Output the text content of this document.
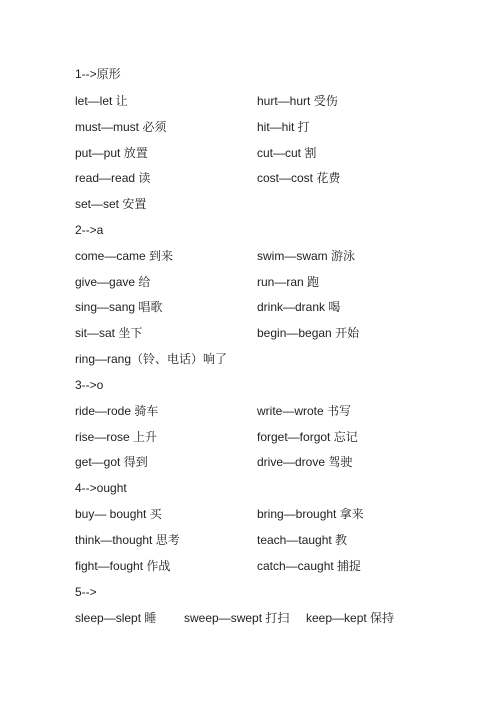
1-->原形
let—let 让	hurt—hurt 受伤
must—must 必须	hit—hit 打
put—put 放置	cut—cut 割
read—read 读	cost—cost 花费
set—set 安置
2-->a
come—came 到来	swim—swam 游泳
give—gave 给	run—ran 跑
sing—sang 唱歌	drink—drank 喝
sit—sat 坐下	begin—began 开始
ring—rang（铃、电话）响了
3-->o
ride—rode 骑车	write—wrote 书写
rise—rose 上升	forget—forgot 忘记
get—got 得到	drive—drove 驾驶
4-->ought
buy— bought 买	bring—brought 拿来
think—thought 思考	teach—taught 教
fight—fought 作战	catch—caught 捕捉
5-->
sleep—slept 睡 sweep—swept 打扫 keep—kept 保持
